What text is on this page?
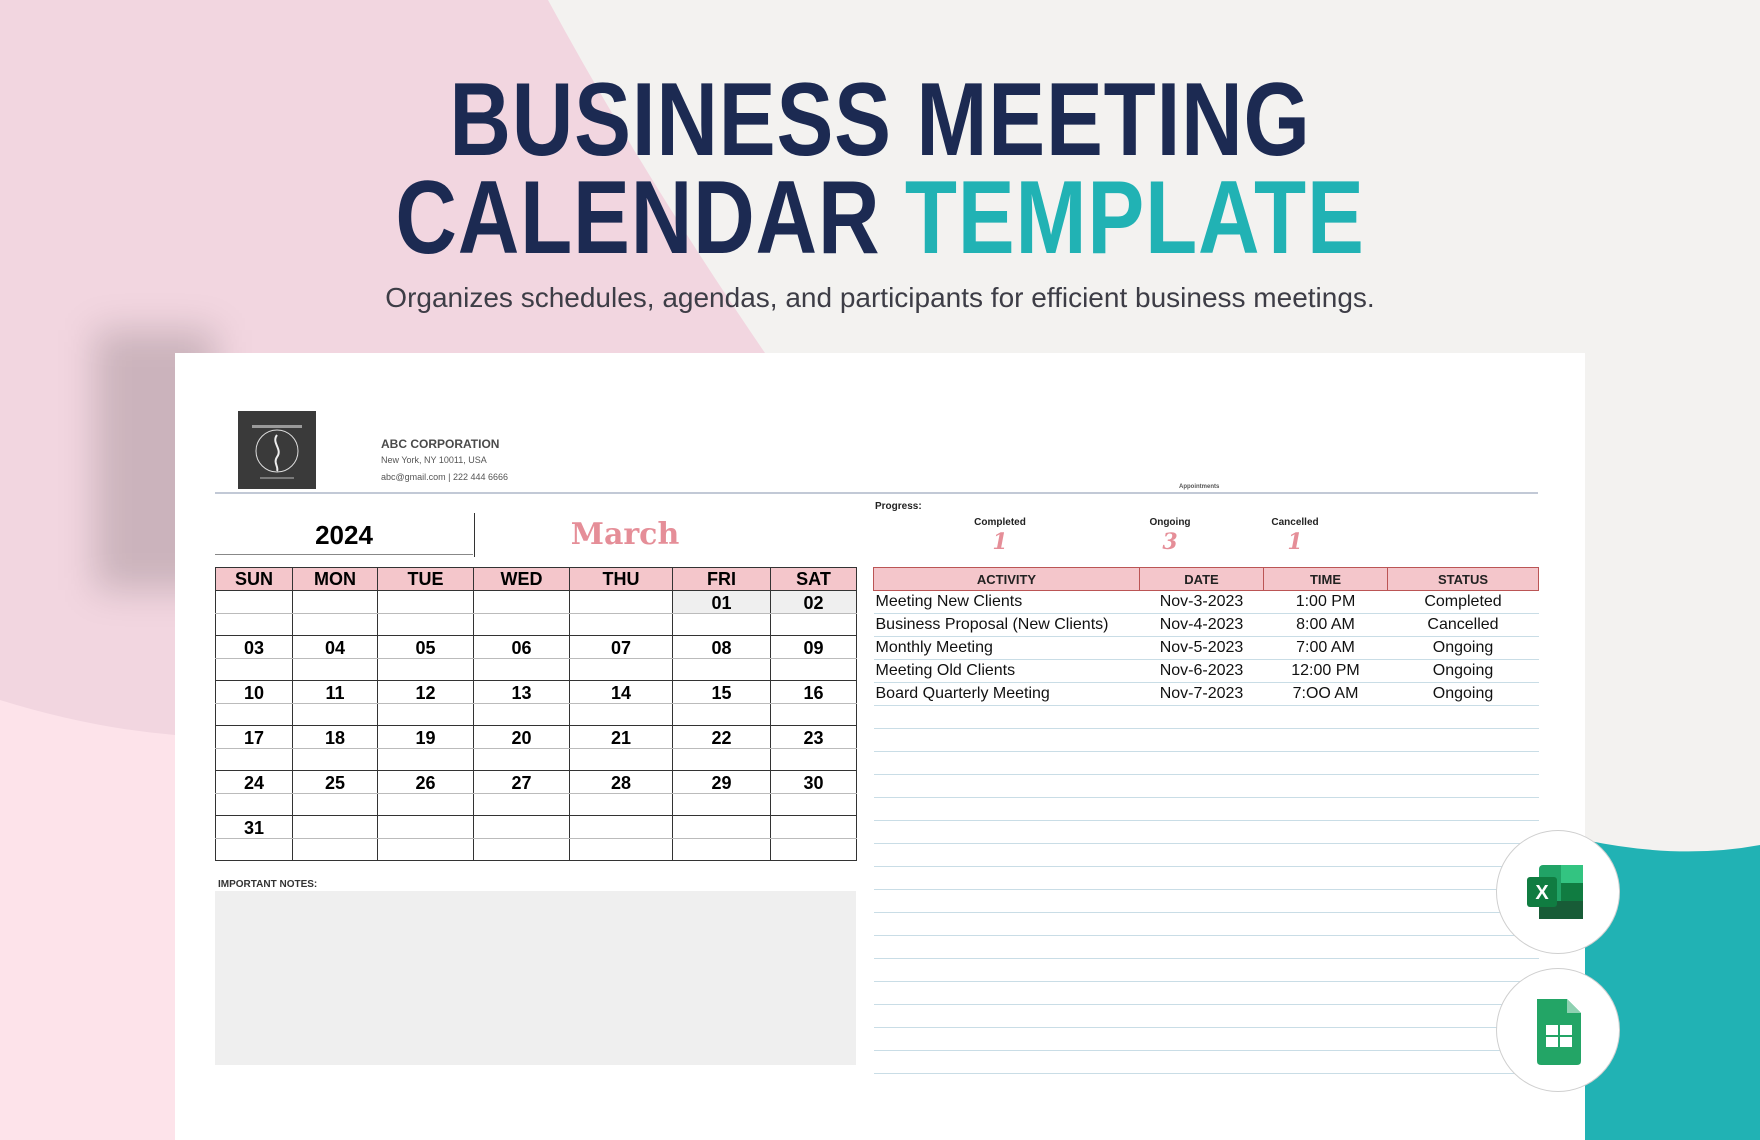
BUSINESS MEETING
CALENDAR TEMPLATE

Organizes schedules, agendas, and participants for efficient business meetings.

ABC CORPORATION
New York, NY 10011, USA
abc@gmail.com | 222 444 6666
Appointments
2024	March
SUN	MON	TUE	WED	THU	FRI	SAT
					01	02

03	04	05	06	07	08	09

10	11	12	13	14	15	16

17	18	19	20	21	22	23

24	25	26	27	28	29	30

31						

IMPORTANT NOTES:
Progress:
Completed
1
Ongoing
3
Cancelled
1
ACTIVITY	DATE	TIME	STATUS
Meeting New Clients	Nov-3-2023	1:00 PM	Completed
Business Proposal (New Clients)	Nov-4-2023	8:00 AM	Cancelled
Monthly Meeting	Nov-5-2023	7:00 AM	Ongoing
Meeting Old Clients	Nov-6-2023	12:00 PM	Ongoing
Board Quarterly Meeting	Nov-7-2023	7:OO AM	Ongoing

X
